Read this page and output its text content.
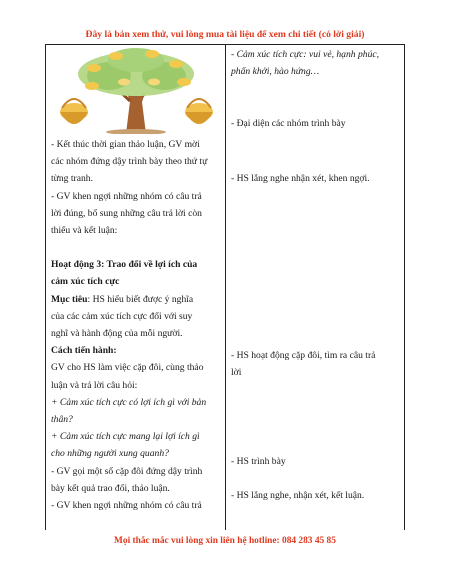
Đây là bản xem thử, vui lòng mua tài liệu để xem chi tiết (có lời giải)

- Kết thúc thời gian thảo luận, GV mời

các nhóm đứng dậy trình bày theo thứ tự

từng tranh.

- GV khen ngợi những nhóm có câu trả

lời đúng, bổ sung những câu trả lời còn

thiếu và kết luận:

Hoạt động 3: Trao đổi về lợi ích của

cảm xúc tích cực

Mục tiêu: HS hiểu biết được ý nghĩa

của các cảm xúc tích cực đối với suy

nghĩ và hành động của mỗi người.

Cách tiến hành:

GV cho HS làm việc cặp đôi, cùng thảo

luận và trả lời câu hỏi:

+ Cảm xúc tích cực có lợi ích gì với bản

thân?

+ Cảm xúc tích cực mang lại lợi ích gì

cho những người xung quanh?

- GV gọi một số cặp đôi đứng dậy trình

bày kết quả trao đổi, thảo luận.

- GV khen ngợi những nhóm có câu trả

- Cảm xúc tích cực: vui vẻ, hạnh phúc,

phấn khởi, hào hứng…

- Đại diện các nhóm trình bày

- HS lắng nghe nhận xét, khen ngợi.

- HS hoạt động cặp đôi, tìm ra câu trả

lời

- HS trình bày

- HS lắng nghe, nhận xét, kết luận.

Mọi thắc mắc vui lòng xin liên hệ hotline: 084 283 45 85
